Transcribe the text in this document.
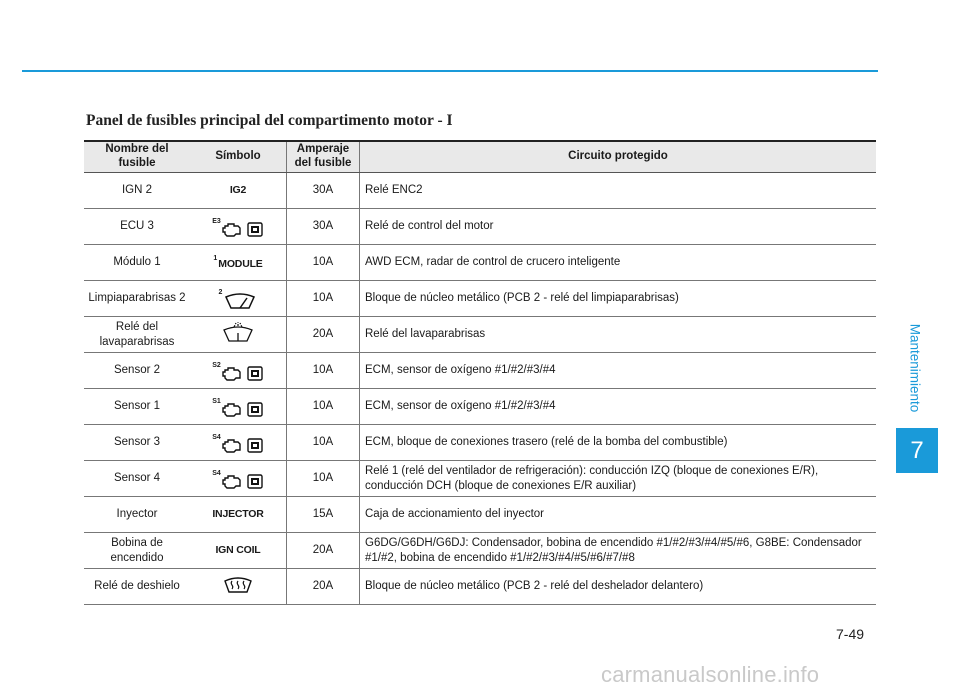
Panel de fusibles principal del compartimento motor - I
Nombre del fusible	Símbolo	Amperaje del fusible	Circuito protegido
IGN 2	IG2	30A	Relé ENC2
ECU 3	E3	30A	Relé de control del motor
Módulo 1	1 MODULE	10A	AWD ECM, radar de control de crucero inteligente
Limpiaparabrisas 2	2	10A	Bloque de núcleo metálico (PCB 2 - relé del limpiaparabrisas)
Relé del lavaparabrisas		20A	Relé del lavaparabrisas
Sensor 2	S2	10A	ECM, sensor de oxígeno #1/#2/#3/#4
Sensor 1	S1	10A	ECM, sensor de oxígeno #1/#2/#3/#4
Sensor 3	S4	10A	ECM, bloque de conexiones trasero (relé de la bomba del combustible)
Sensor 4	S4	10A	Relé 1 (relé del ventilador de refrigeración): conducción IZQ (bloque de conexiones E/R), conducción DCH (bloque de conexiones E/R auxiliar)
Inyector	INJECTOR	15A	Caja de accionamiento del inyector
Bobina de encendido	IGN COIL	20A	G6DG/G6DH/G6DJ: Condensador, bobina de encendido #1/#2/#3/#4/#5/#6, G8BE: Condensador #1/#2, bobina de encendido #1/#2/#3/#4/#5/#6/#7/#8
Relé de deshielo		20A	Bloque de núcleo metálico (PCB 2 - relé del deshelador delantero)
Mantenimiento
7
7-49
carmanualsonline.info
